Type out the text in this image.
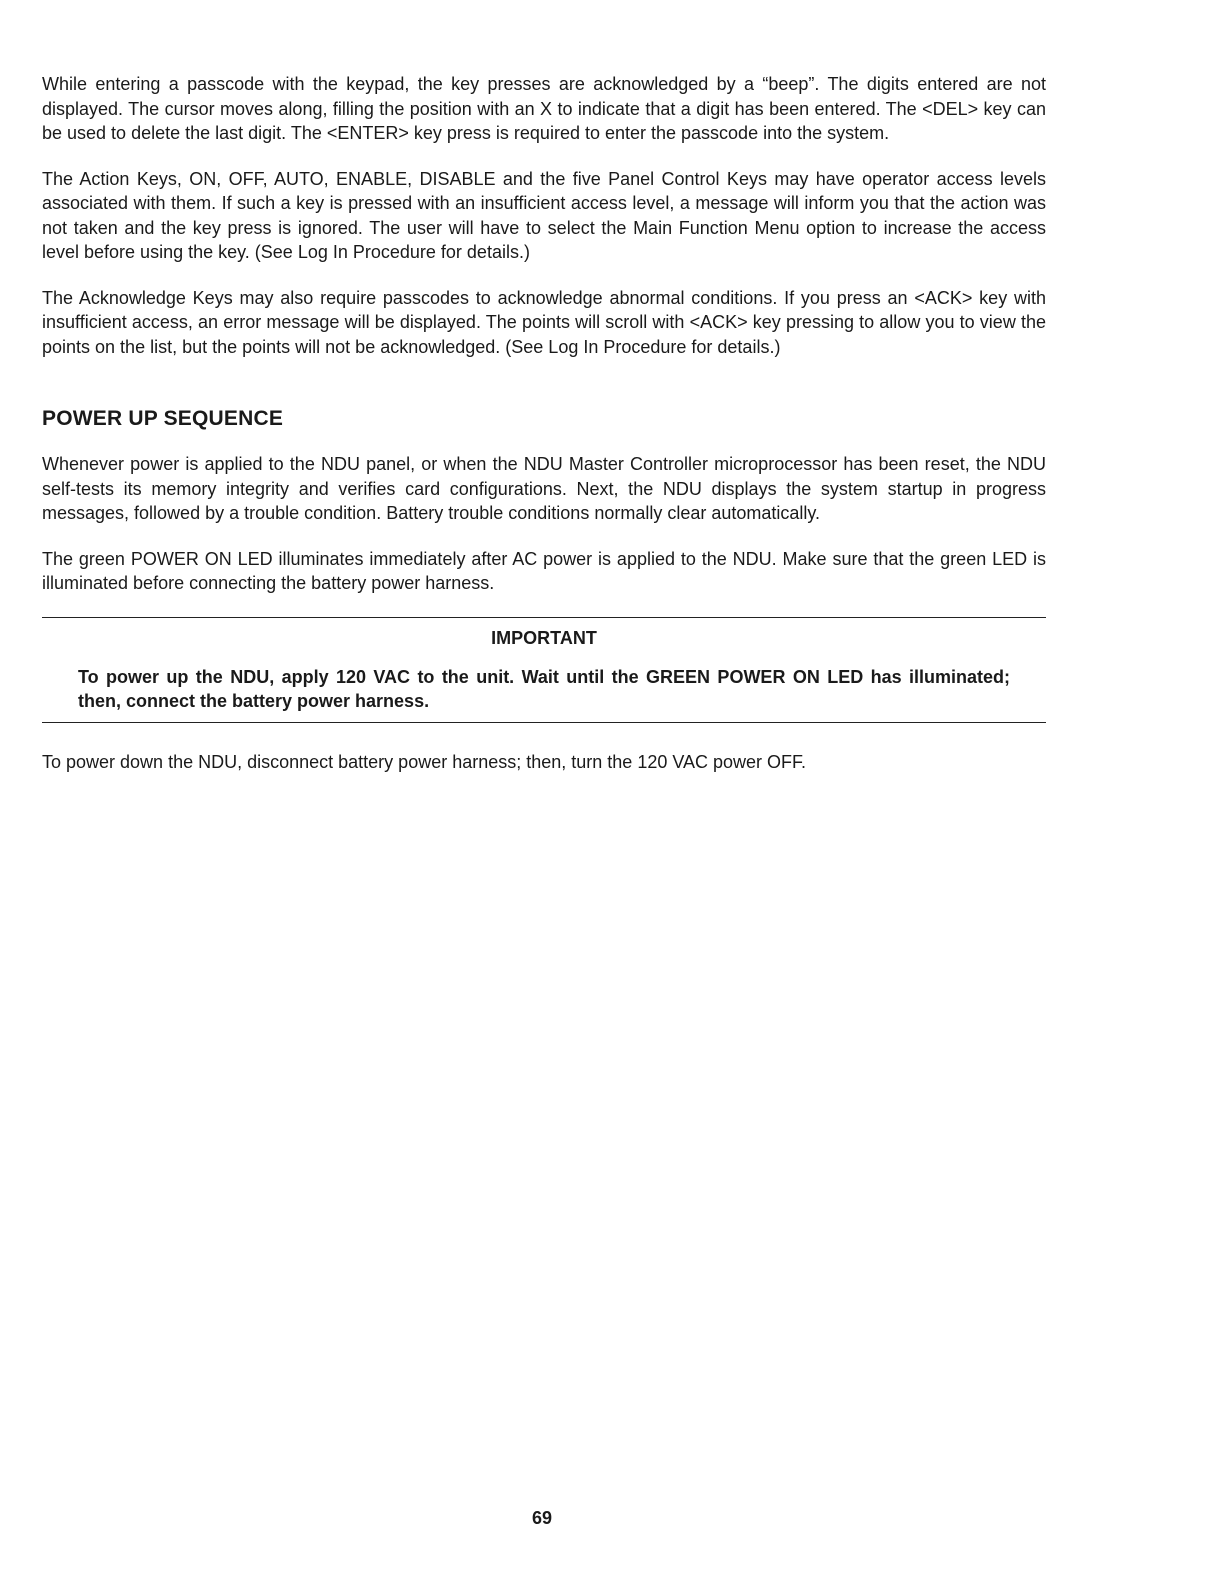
While entering a passcode with the keypad, the key presses are acknowledged by a “beep”. The digits entered are not displayed. The cursor moves along, filling the position with an X to indicate that a digit has been entered. The <DEL> key can be used to delete the last digit. The <ENTER> key press is required to enter the passcode into the system.

The Action Keys, ON, OFF, AUTO, ENABLE, DISABLE and the five Panel Control Keys may have operator access levels associated with them. If such a key is pressed with an insufficient access level, a message will inform you that the action was not taken and the key press is ignored. The user will have to select the Main Function Menu option to increase the access level before using the key. (See Log In Procedure for details.)

The Acknowledge Keys may also require passcodes to acknowledge abnormal conditions. If you press an <ACK> key with insufficient access, an error message will be displayed. The points will scroll with <ACK> key pressing to allow you to view the points on the list, but the points will not be acknowledged. (See Log In Procedure for details.)

POWER UP SEQUENCE

Whenever power is applied to the NDU panel, or when the NDU Master Controller microprocessor has been reset, the NDU self-tests its memory integrity and verifies card configurations. Next, the NDU displays the system startup in progress messages, followed by a trouble condition. Battery trouble conditions normally clear automatically.

The green POWER ON LED illuminates immediately after AC power is applied to the NDU. Make sure that the green LED is illuminated before connecting the battery power harness.

IMPORTANT
To power up the NDU, apply 120 VAC to the unit. Wait until the GREEN POWER ON LED has illuminated; then, connect the battery power harness.

To power down the NDU, disconnect battery power harness; then, turn the 120 VAC power OFF.

69
